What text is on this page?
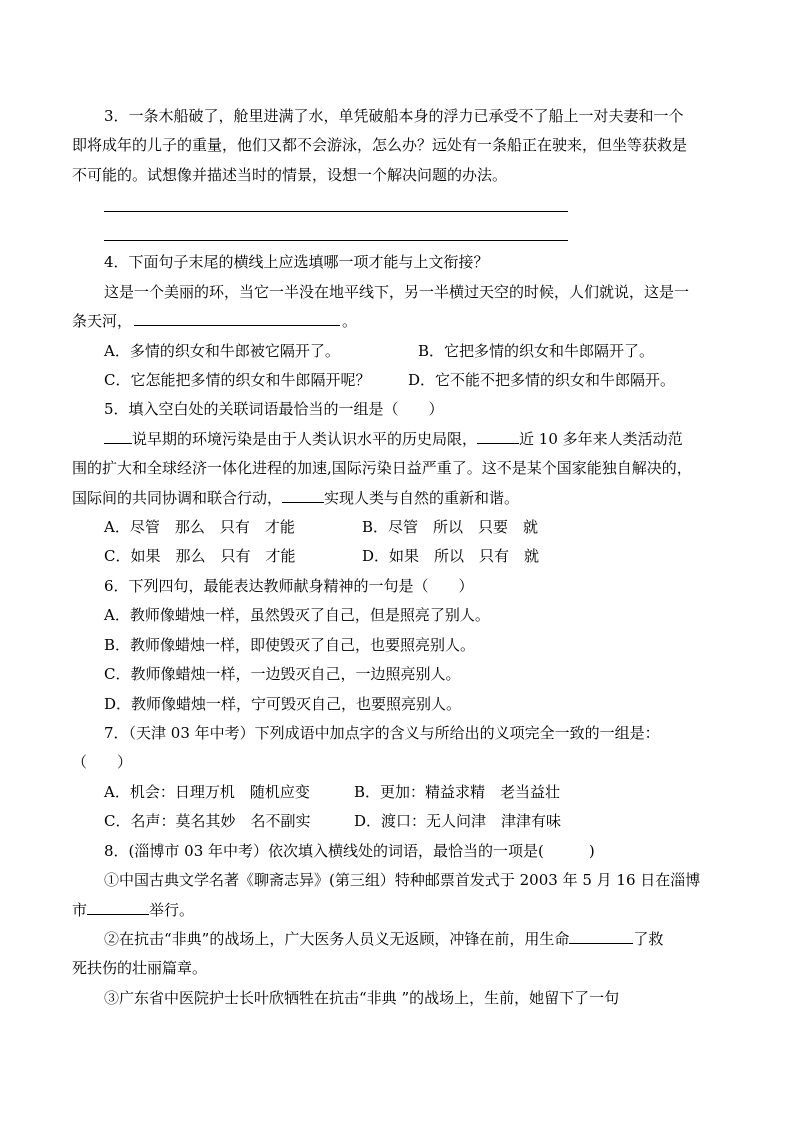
3．一条木船破了，舱里进满了水，单凭破船本身的浮力已承受不了船上一对夫妻和一个
即将成年的儿子的重量，他们又都不会游泳，怎么办？远处有一条船正在驶来，但坐等获救是
不可能的。试想像并描述当时的情景，设想一个解决问题的办法。
4．下面句子末尾的横线上应选填哪一项才能与上文衔接？
这是一个美丽的环，当它一半没在地平线下，另一半横过天空的时候，人们就说，这是一
条天河，	。
A．多情的织女和牛郎被它隔开了。	B．它把多情的织女和牛郎隔开了。
C．它怎能把多情的织女和牛郎隔开呢？	D．它不能不把多情的织女和牛郎隔开。
5．填入空白处的关联词语最恰当的一组是（　　）
说早期的环境污染是由于人类认识水平的历史局限，	近 10 多年来人类活动范
围的扩大和全球经济一体化进程的加速,国际污染日益严重了。这不是某个国家能独自解决的，
国际间的共同协调和联合行动，	实现人类与自然的重新和谐。
A．尽管　那么　只有　才能	B．尽管　所以　只要　就
C．如果　那么　只有　才能	D．如果　所以　只有　就
6．下列四句，最能表达教师献身精神的一句是（　　）
A．教师像蜡烛一样，虽然毁灭了自己，但是照亮了别人。
B．教师像蜡烛一样，即使毁灭了自己，也要照亮别人。
C．教师像蜡烛一样，一边毁灭自己，一边照亮别人。
D．教师像蜡烛一样，宁可毁灭自己，也要照亮别人。
7．（天津 03 年中考）下列成语中加点字的含义与所给出的义项完全一致的一组是：
（　　）
A．机会：日理万机　随机应变	B．更加：精益求精　老当益壮
C．名声：莫名其妙　名不副实	D．渡口：无人问津　津津有味
8．(淄博市 03 年中考）依次填入横线处的词语，最恰当的一项是(　　　)
①中国古典文学名著《聊斋志异》(第三组）特种邮票首发式于 2003 年 5 月 16 日在淄博
市	举行。
②在抗击“非典”的战场上，广大医务人员义无返顾，冲锋在前，用生命	了救
死扶伤的壮丽篇章。
③广东省中医院护士长叶欣牺牲在抗击“非典 ”的战场上，生前，她留下了一句
